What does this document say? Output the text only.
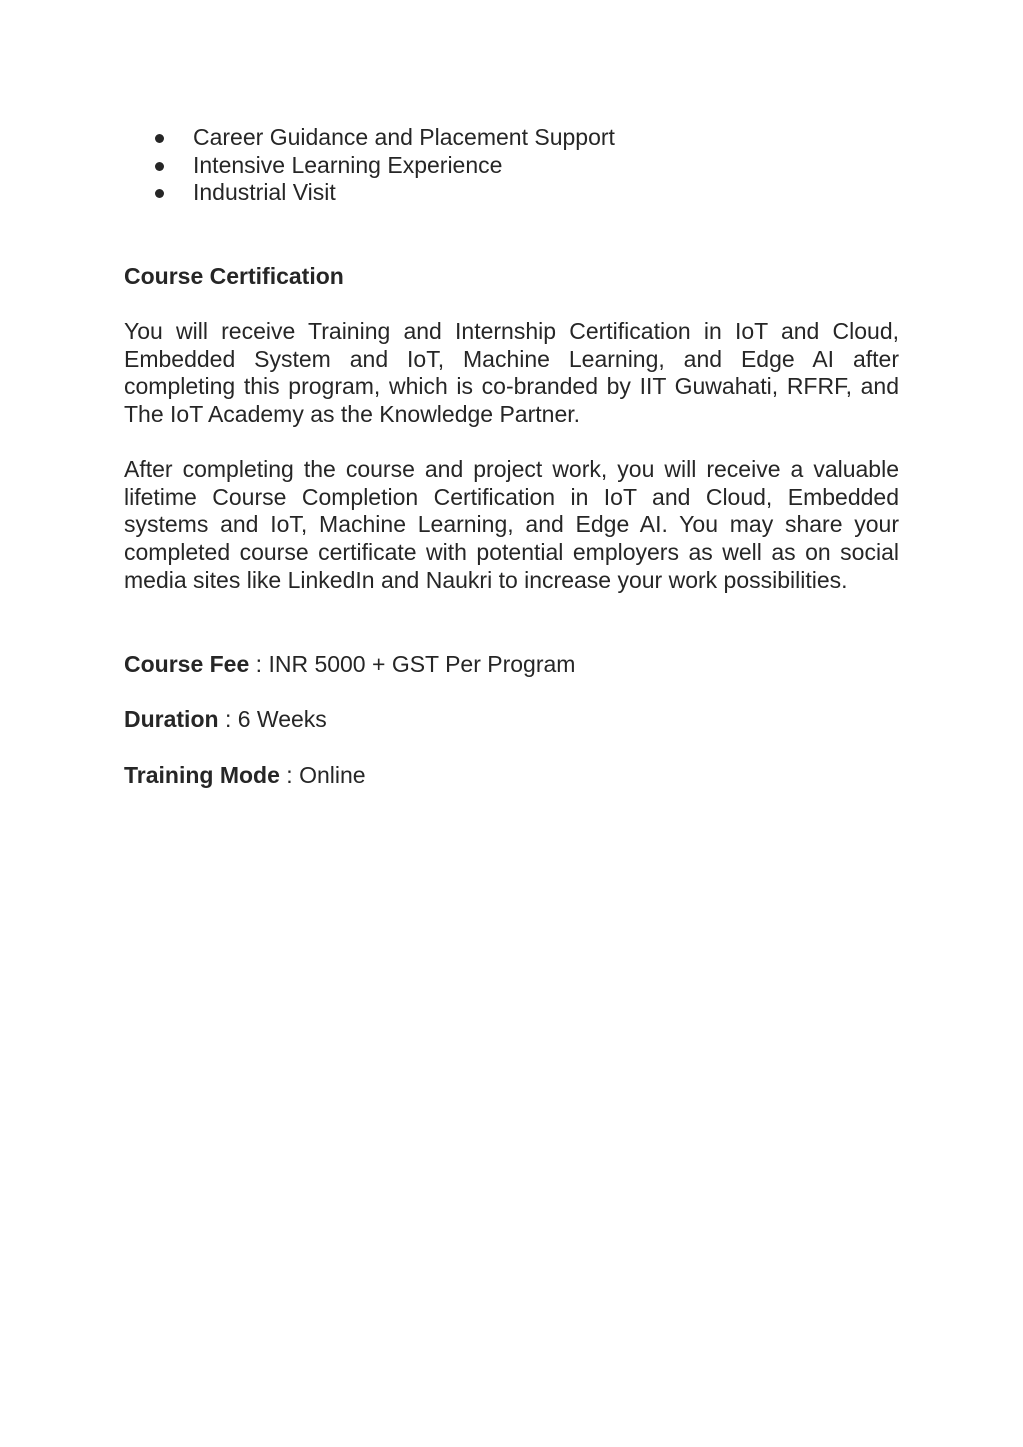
Career Guidance and Placement Support
Intensive Learning Experience
Industrial Visit
Course Certification

You will receive Training and Internship Certification in IoT and Cloud, Embedded System and IoT, Machine Learning, and Edge AI after completing this program, which is co-branded by IIT Guwahati, RFRF, and The IoT Academy as the Knowledge Partner.

After completing the course and project work, you will receive a valuable lifetime Course Completion Certification in IoT and Cloud, Embedded systems and IoT, Machine Learning, and Edge AI. You may share your completed course certificate with potential employers as well as on social media sites like LinkedIn and Naukri to increase your work possibilities.

Course Fee : INR 5000 + GST Per Program
Duration : 6 Weeks
Training Mode : Online
